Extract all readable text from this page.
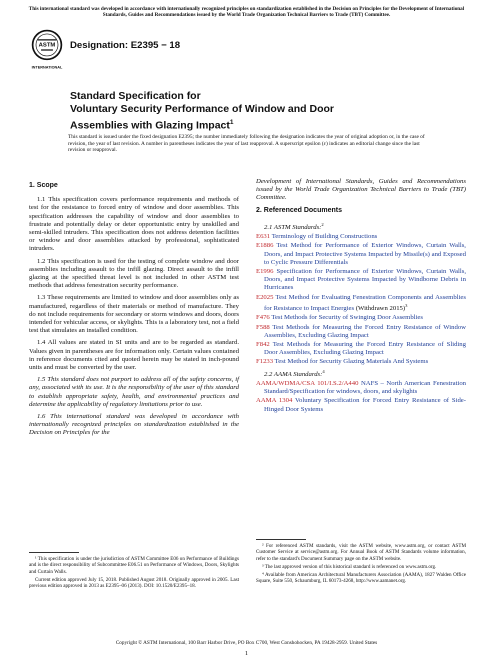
This international standard was developed in accordance with internationally recognized principles on standardization established in the Decision on Principles for the Development of International Standards, Guides and Recommendations issued by the World Trade Organization Technical Barriers to Trade (TBT) Committee.
ASTM
INTERNATIONAL
Designation: E2395 − 18
Standard Specification for
Voluntary Security Performance of Window and Door
Assemblies with Glazing Impact$^1$
This standard is issued under the fixed designation E2395; the number immediately following the designation indicates the year of original adoption or, in the case of revision, the year of last revision. A number in parentheses indicates the year of last reapproval. A superscript epsilon (ε) indicates an editorial change since the last revision or reapproval.
1. Scope

1.1 This specification covers performance requirements and methods of test for the resistance to forced entry of window and door assemblies. This specification addresses the capability of window and door assemblies to frustrate and potentially delay or deter opportunistic entry by unskilled and semi-skilled intruders. This specification does not address detention facilities or window and door assemblies attacked by professional, sophisticated intruders.

1.2 This specification is used for the testing of complete window and door assemblies including assault to the infill glazing. Direct assault to the infill glazing at the specified threat level is not included in other ASTM test methods that address fenestration security performance.

1.3 These requirements are limited to window and door assemblies only as manufactured, regardless of their materials or method of manufacture. They do not include requirements for secondary or storm windows and doors, doors intended for vehicular access, or skylights. This is a laboratory test, not a field test that simulates an installed condition.

1.4 All values are stated in SI units and are to be regarded as standard. Values given in parentheses are for information only. Certain values contained in reference documents cited and quoted herein may be stated in inch-pound units and must be converted by the user.

1.5 This standard does not purport to address all of the safety concerns, if any, associated with its use. It is the responsibility of the user of this standard to establish appropriate safety, health, and environmental practices and determine the applicability of regulatory limitations prior to use.

1.6 This international standard was developed in accordance with internationally recognized principles on standardization established in the Decision on Principles for the

Development of International Standards, Guides and Recommendations issued by the World Trade Organization Technical Barriers to Trade (TBT) Committee.

2. Referenced Documents
2.1 ASTM Standards:$^2$
E631 Terminology of Building Constructions
E1886 Test Method for Performance of Exterior Windows, Curtain Walls, Doors, and Impact Protective Systems Impacted by Missile(s) and Exposed to Cyclic Pressure Differentials
E1996 Specification for Performance of Exterior Windows, Curtain Walls, Doors, and Impact Protective Systems Impacted by Windborne Debris in Hurricanes
E2025 Test Method for Evaluating Fenestration Components and Assemblies for Resistance to Impact Energies (Withdrawn 2015)$^3$
F476 Test Methods for Security of Swinging Door Assemblies
F588 Test Methods for Measuring the Forced Entry Resistance of Window Assemblies, Excluding Glazing Impact
F842 Test Methods for Measuring the Forced Entry Resistance of Sliding Door Assemblies, Excluding Glazing Impact
F1233 Test Method for Security Glazing Materials And Systems
2.2 AAMA Standards:$^4$
AAMA/WDMA/CSA 101/I.S.2/A440 NAFS – North American Fenestration Standard/Specification for windows, doors, and skylights
AAMA 1304 Voluntary Specification for Forced Entry Resistance of Side-Hinged Door Systems

¹ This specification is under the jurisdiction of ASTM Committee E06 on Performance of Buildings and is the direct responsibility of Subcommittee E06.51 on Performance of Windows, Doors, Skylights and Curtain Walls.

Current edition approved July 15, 2018. Published August 2018. Originally approved in 2005. Last previous edition approved in 2013 as E2395–06 (2013). DOI: 10.1520/E2395–18.

² For referenced ASTM standards, visit the ASTM website, www.astm.org, or contact ASTM Customer Service at service@astm.org. For Annual Book of ASTM Standards volume information, refer to the standard's Document Summary page on the ASTM website.

³ The last approved version of this historical standard is referenced on www.astm.org.

⁴ Available from American Architectural Manufacturers Association (AAMA), 1827 Walden Office Square, Suite 550, Schaumburg, IL 60173-4268, http://www.aamanet.org.

Copyright © ASTM International, 100 Barr Harbor Drive, PO Box C700, West Conshohocken, PA 19428-2959. United States
1
